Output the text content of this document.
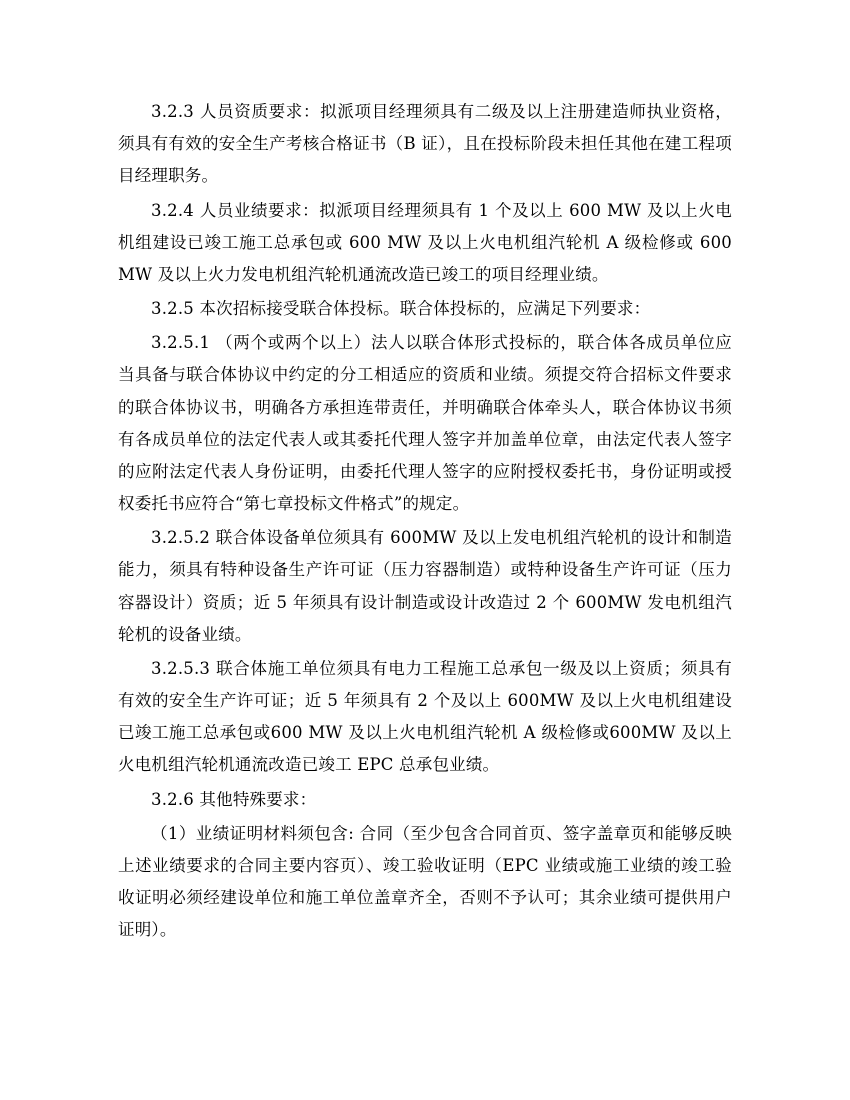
3.2.3 人员资质要求：拟派项目经理须具有二级及以上注册建造师执业资格，须具有有效的安全生产考核合格证书（B 证），且在投标阶段未担任其他在建工程项目经理职务。

3.2.4 人员业绩要求：拟派项目经理须具有 1 个及以上 600 MW 及以上火电机组建设已竣工施工总承包或 600 MW 及以上火电机组汽轮机 A 级检修或 600 MW 及以上火力发电机组汽轮机通流改造已竣工的项目经理业绩。

3.2.5 本次招标接受联合体投标。联合体投标的，应满足下列要求：

3.2.5.1 （两个或两个以上）法人以联合体形式投标的，联合体各成员单位应当具备与联合体协议中约定的分工相适应的资质和业绩。须提交符合招标文件要求的联合体协议书，明确各方承担连带责任，并明确联合体牵头人，联合体协议书须有各成员单位的法定代表人或其委托代理人签字并加盖单位章，由法定代表人签字的应附法定代表人身份证明，由委托代理人签字的应附授权委托书，身份证明或授权委托书应符合“第七章投标文件格式”的规定。

3.2.5.2 联合体设备单位须具有 600MW 及以上发电机组汽轮机的设计和制造能力，须具有特种设备生产许可证（压力容器制造）或特种设备生产许可证（压力容器设计）资质；近 5 年须具有设计制造或设计改造过 2 个 600MW 发电机组汽轮机的设备业绩。

3.2.5.3 联合体施工单位须具有电力工程施工总承包一级及以上资质；须具有有效的安全生产许可证；近 5 年须具有 2 个及以上 600MW 及以上火电机组建设已竣工施工总承包或600 MW 及以上火电机组汽轮机 A 级检修或600MW 及以上火电机组汽轮机通流改造已竣工 EPC 总承包业绩。

3.2.6 其他特殊要求：

（1）业绩证明材料须包含: 合同（至少包含合同首页、签字盖章页和能够反映上述业绩要求的合同主要内容页）、竣工验收证明（EPC 业绩或施工业绩的竣工验收证明必须经建设单位和施工单位盖章齐全，否则不予认可；其余业绩可提供用户证明）。
